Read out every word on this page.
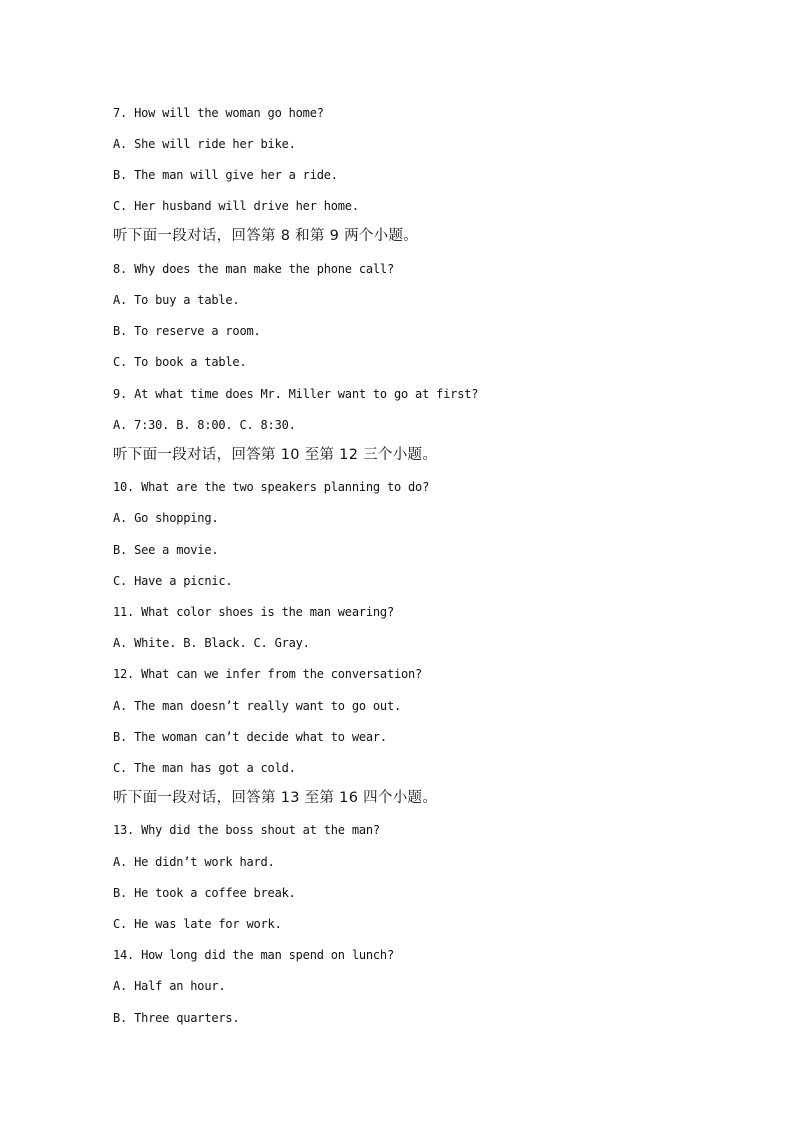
7. How will the woman go home?
A. She will ride her bike.
B. The man will give her a ride.
C. Her husband will drive her home.
听下面一段对话，回答第 8 和第 9 两个小题。
8. Why does the man make the phone call?
A. To buy a table.
B. To reserve a room.
C. To book a table.
9. At what time does Mr. Miller want to go at first?
A. 7:30. B. 8:00. C. 8:30.
听下面一段对话，回答第 10 至第 12 三个小题。
10. What are the two speakers planning to do?
A. Go shopping.
B. See a movie.
C. Have a picnic.
11. What color shoes is the man wearing?
A. White. B. Black. C. Gray.
12. What can we infer from the conversation?
A. The man doesn’t really want to go out.
B. The woman can’t decide what to wear.
C. The man has got a cold.
听下面一段对话，回答第 13 至第 16 四个小题。
13. Why did the boss shout at the man?
A. He didn’t work hard.
B. He took a coffee break.
C. He was late for work.
14. How long did the man spend on lunch?
A. Half an hour.
B. Three quarters.
